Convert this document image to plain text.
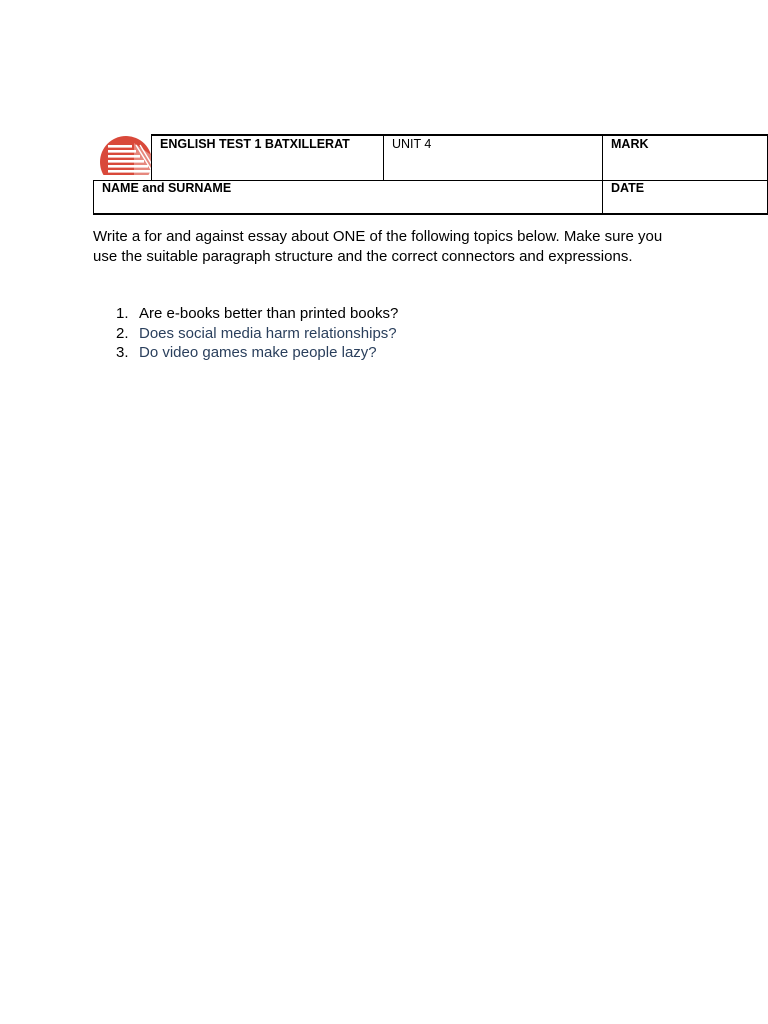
ENGLISH TEST 1 BATXILLERAT	UNIT 4	MARK
NAME and SURNAME	DATE

Write a for and against essay about ONE of the following topics below. Make sure you use the suitable paragraph structure and the correct connectors and expressions.

1. Are e-books better than printed books?
2. Does social media harm relationships?
3. Do video games make people lazy?
